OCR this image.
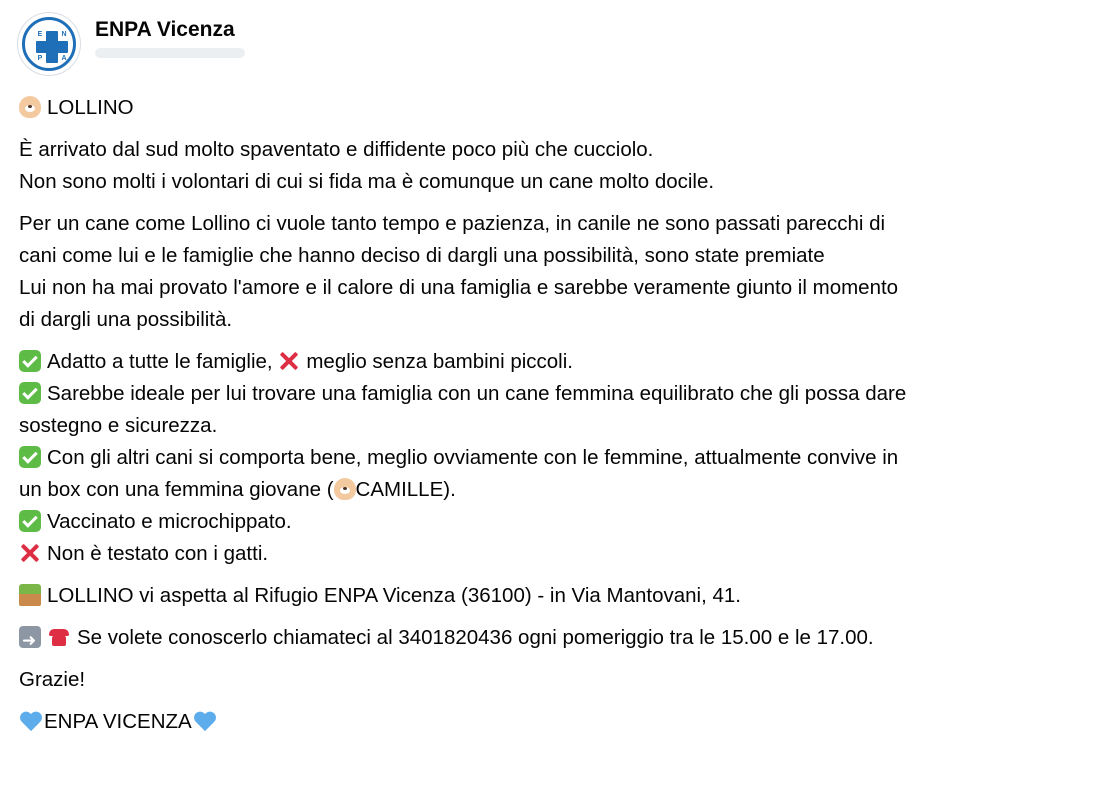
E	N
P	A
ENPA Vicenza

LOLLINO

È arrivato dal sud molto spaventato e diffidente poco più che cucciolo.
Non sono molti i volontari di cui si fida ma è comunque un cane molto docile.

Per un cane come Lollino ci vuole tanto tempo e pazienza, in canile ne sono passati parecchi di
cani come lui e le famiglie che hanno deciso di dargli una possibilità, sono state premiate
Lui non ha mai provato l'amore e il calore di una famiglia e sarebbe veramente giunto il momento
di dargli una possibilità.

Adatto a tutte le famiglie, meglio senza bambini piccoli.
Sarebbe ideale per lui trovare una famiglia con un cane femmina equilibrato che gli possa dare
sostegno e sicurezza.
Con gli altri cani si comporta bene, meglio ovviamente con le femmine, attualmente convive in
un box con una femmina giovane ( CAMILLE).
Vaccinato e microchippato.
Non è testato con i gatti.

LOLLINO vi aspetta al Rifugio ENPA Vicenza (36100) - in Via Mantovani, 41.

➜Se volete conoscerlo chiamateci al 3401820436 ogni pomeriggio tra le 15.00 e le 17.00.

Grazie!

ENPA VICENZA
